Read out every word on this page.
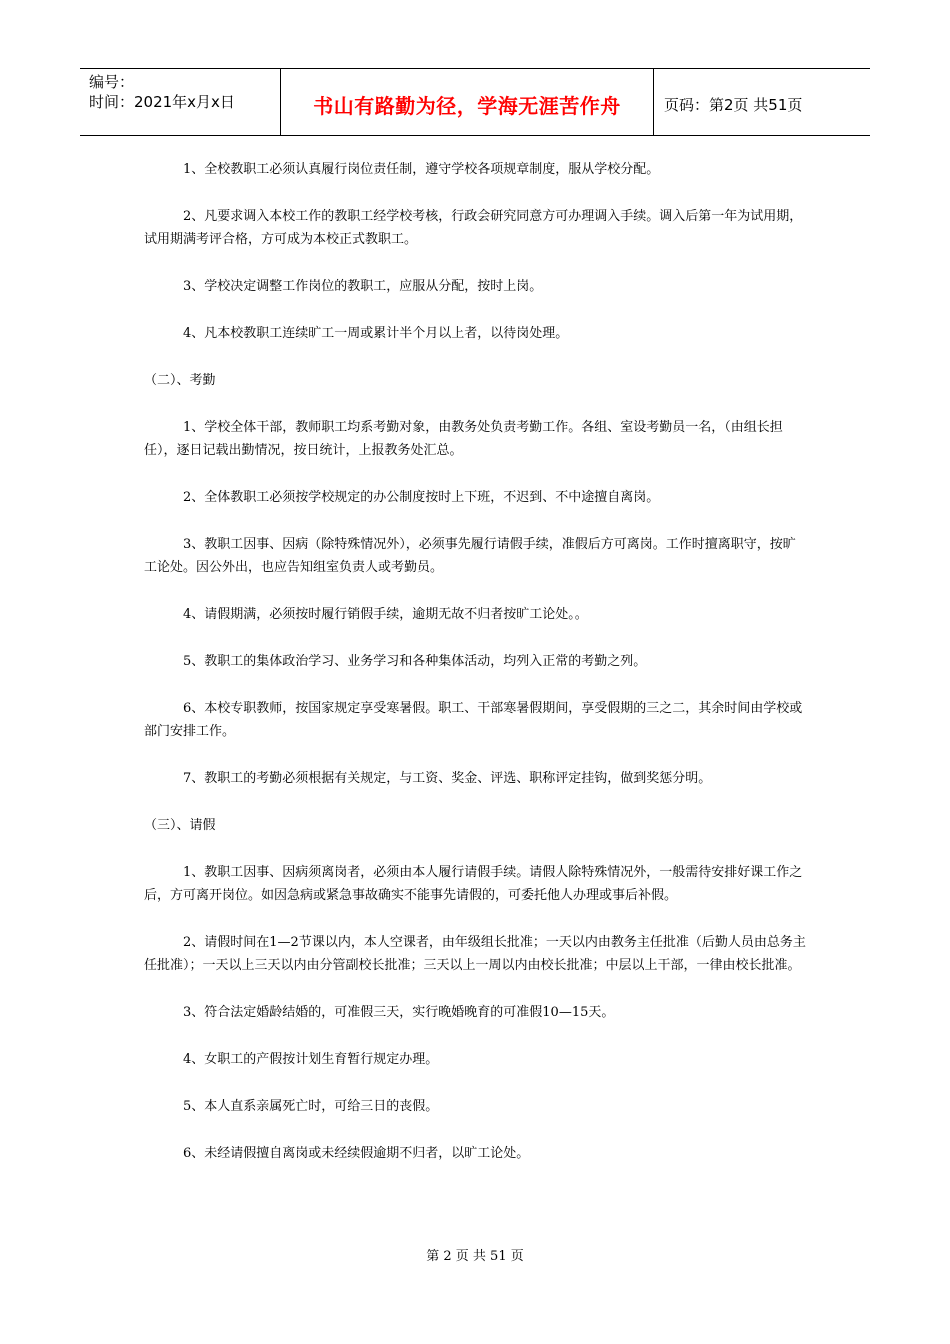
编号：
时间：2021年x月x日	书山有路勤为径，学海无涯苦作舟	页码：第2页 共51页

1、全校教职工必须认真履行岗位责任制，遵守学校各项规章制度，服从学校分配。

2、凡要求调入本校工作的教职工经学校考核，行政会研究同意方可办理调入手续。调入后第一年为试用期，试用期满考评合格，方可成为本校正式教职工。

3、学校决定调整工作岗位的教职工，应服从分配，按时上岗。

4、凡本校教职工连续旷工一周或累计半个月以上者，以待岗处理。

（二）、考勤

1、学校全体干部，教师职工均系考勤对象，由教务处负责考勤工作。各组、室设考勤员一名，（由组长担任），逐日记载出勤情况，按日统计，上报教务处汇总。

2、全体教职工必须按学校规定的办公制度按时上下班，不迟到、不中途擅自离岗。

3、教职工因事、因病（除特殊情况外），必须事先履行请假手续，准假后方可离岗。工作时擅离职守，按旷工论处。因公外出，也应告知组室负责人或考勤员。

4、请假期满，必须按时履行销假手续，逾期无故不归者按旷工论处。。

5、教职工的集体政治学习、业务学习和各种集体活动，均列入正常的考勤之列。

6、本校专职教师，按国家规定享受寒暑假。职工、干部寒暑假期间，享受假期的三之二，其余时间由学校或部门安排工作。

7、教职工的考勤必须根据有关规定，与工资、奖金、评选、职称评定挂钩，做到奖惩分明。

（三）、请假

1、教职工因事、因病须离岗者，必须由本人履行请假手续。请假人除特殊情况外，一般需待安排好课工作之后，方可离开岗位。如因急病或紧急事故确实不能事先请假的，可委托他人办理或事后补假。

2、请假时间在1—2节课以内，本人空课者，由年级组长批准；一天以内由教务主任批准（后勤人员由总务主任批准）；一天以上三天以内由分管副校长批准；三天以上一周以内由校长批准；中层以上干部，一律由校长批准。

3、符合法定婚龄结婚的，可准假三天，实行晚婚晚育的可准假10—15天。

4、女职工的产假按计划生育暂行规定办理。

5、本人直系亲属死亡时，可给三日的丧假。

6、未经请假擅自离岗或未经续假逾期不归者，以旷工论处。

第 2 页 共 51 页
